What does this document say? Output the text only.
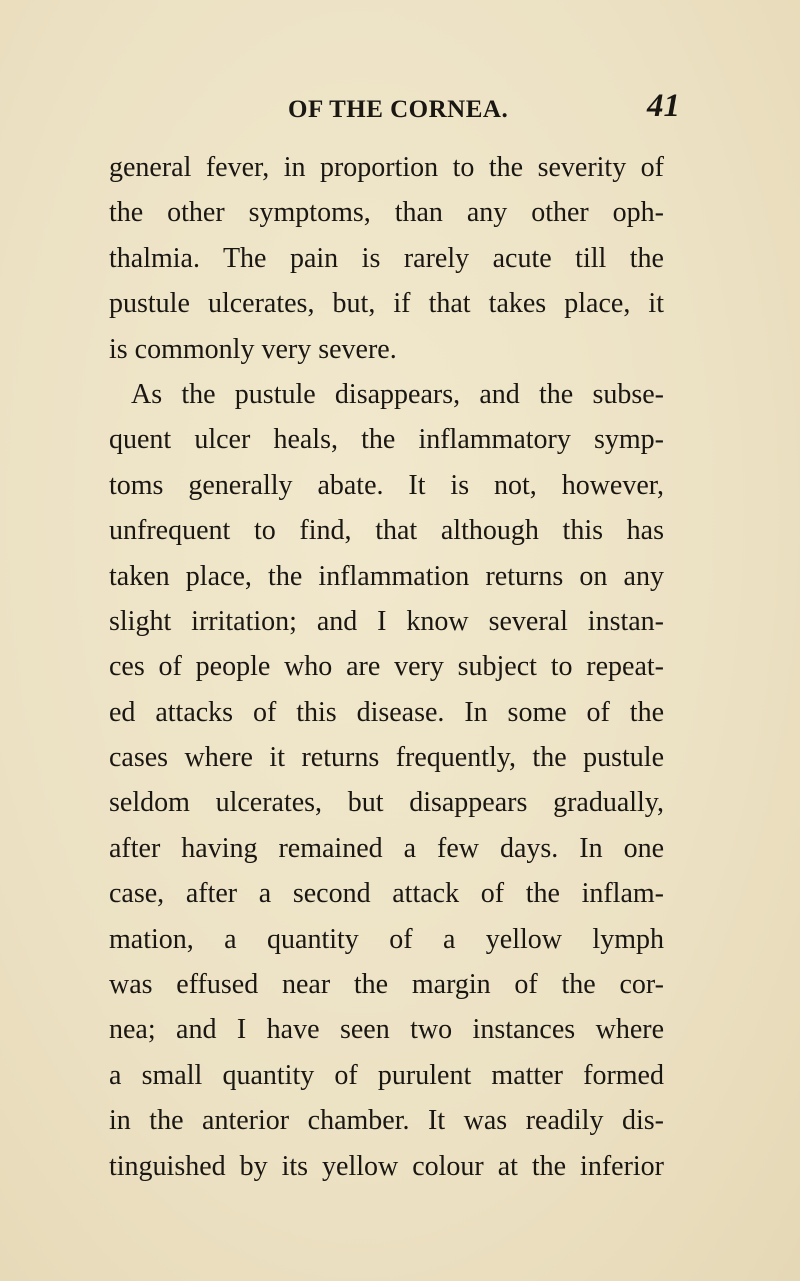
OF THE CORNEA.	41
general fever, in proportion to the severity of
the other symptoms, than any other oph-
thalmia. The pain is rarely acute till the
pustule ulcerates, but, if that takes place, it
is commonly very severe.
As the pustule disappears, and the subse-
quent ulcer heals, the inflammatory symp-
toms generally abate. It is not, however,
unfrequent to find, that although this has
taken place, the inflammation returns on any
slight irritation; and I know several instan-
ces of people who are very subject to repeat-
ed attacks of this disease. In some of the
cases where it returns frequently, the pustule
seldom ulcerates, but disappears gradually,
after having remained a few days. In one
case, after a second attack of the inflam-
mation, a quantity of a yellow lymph
was effused near the margin of the cor-
nea; and I have seen two instances where
a small quantity of purulent matter formed
in the anterior chamber. It was readily dis-
tinguished by its yellow colour at the inferior
